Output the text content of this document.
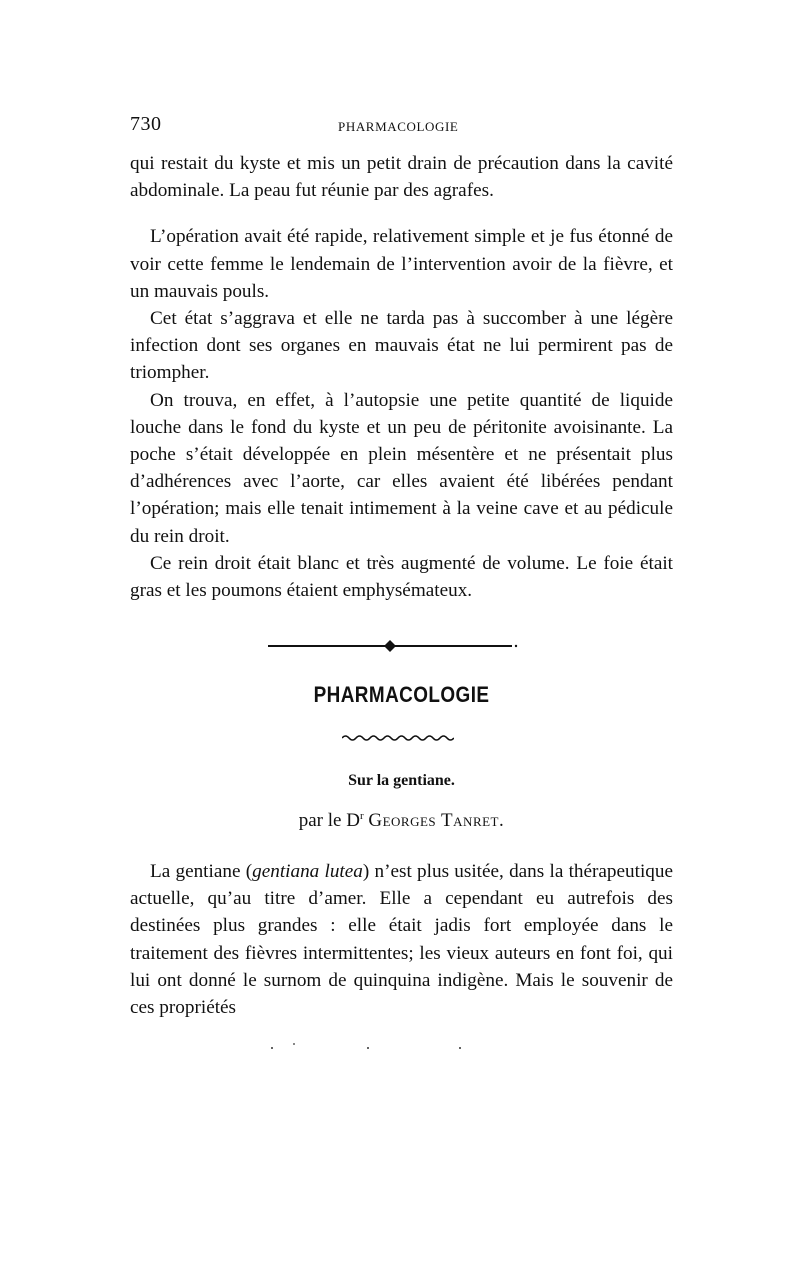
730	PHARMACOLOGIE

qui restait du kyste et mis un petit drain de précaution dans la cavité abdominale. La peau fut réunie par des agrafes.

L’opération avait été rapide, relativement simple et je fus étonné de voir cette femme le lendemain de l’intervention avoir de la fièvre, et un mauvais pouls.

Cet état s’aggrava et elle ne tarda pas à succomber à une légère infection dont ses organes en mauvais état ne lui permirent pas de triompher.

On trouva, en effet, à l’autopsie une petite quantité de liquide louche dans le fond du kyste et un peu de péritonite avoisinante. La poche s’était développée en plein mésentère et ne présentait plus d’adhérences avec l’aorte, car elles avaient été libérées pendant l’opération; mais elle tenait intimement à la veine cave et au pédicule du rein droit.

Ce rein droit était blanc et très augmenté de volume. Le foie était gras et les poumons étaient emphysémateux.

PHARMACOLOGIE
Sur la gentiane.
par le $D^r$ Georges Tanret.

La gentiane (gentiana lutea) n’est plus usitée, dans la thérapeutique actuelle, qu’au titre d’amer. Elle a cependant eu autrefois des destinées plus grandes : elle était jadis fort employée dans le traitement des fièvres intermittentes; les vieux auteurs en font foi, qui lui ont donné le surnom de quinquina indigène. Mais le souvenir de ces propriétés
